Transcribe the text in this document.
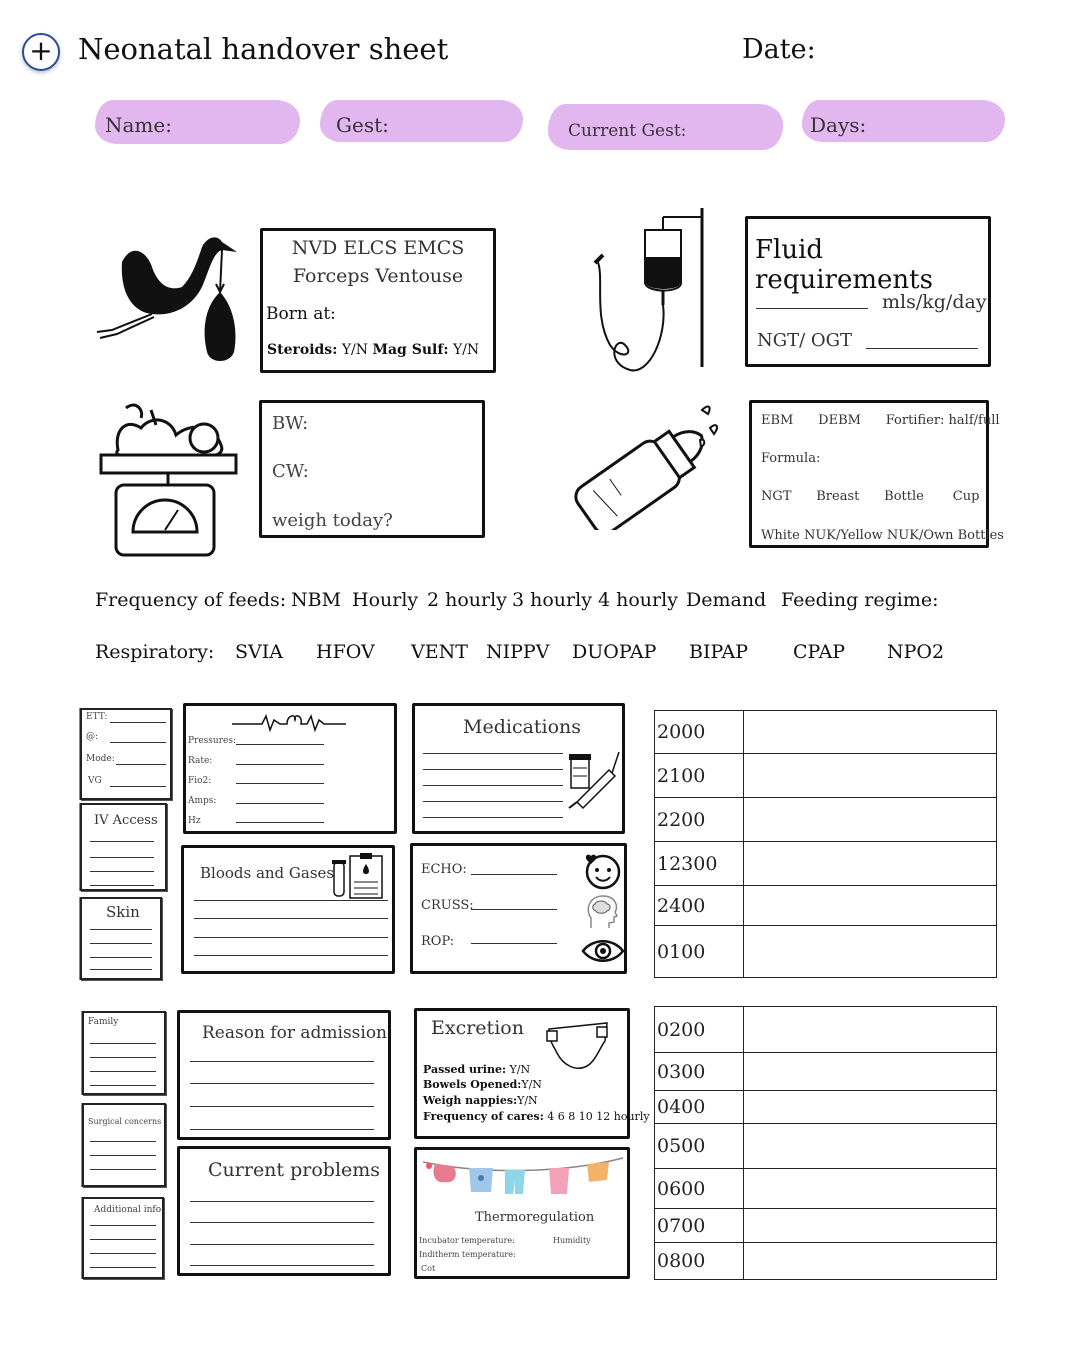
+ Neonatal handover sheet	Date:
Name:	Gest:	Current Gest:	Days:
NVD ELCS EMCS
Forceps Ventouse
Born at:
Steroids: Y/N Mag Sulf: Y/N
Fluid requirements
mls/kg/day
NGT/ OGT
BW:
CW:
weigh today?
EBM DEBM Fortifier: half/full
Formula:
NGT Breast Bottle Cup
White NUK/Yellow NUK/Own Bottles
Frequency of feeds: NBM Hourly 2 hourly 3 hourly 4 hourly Demand Feeding regime:
Respiratory: SVIA HFOV VENT NIPPV DUOPAP BIPAP CPAP NPO2
ETT:
@:
Mode:
VG
IV Access
Skin
Pressures:
Rate:
Fio2:
Amps:
Hz
Medications
Bloods and Gases	ECHO:
CRUSS:
ROP:
2000	
2100	
2200	
12300	
2400	
0100	
Family
Surgical concerns
Additional info
Reason for admission
Current problems
Excretion
Passed urine: Y/N
Bowels Opened:Y/N
Weigh nappies:Y/N
Frequency of cares: 4 6 8 10 12 hourly
Thermoregulation
Incubator temperature:	Humidity
Inditherm temperature:
Cot
0200	
0300	
0400	
0500	
0600	
0700	
0800	
